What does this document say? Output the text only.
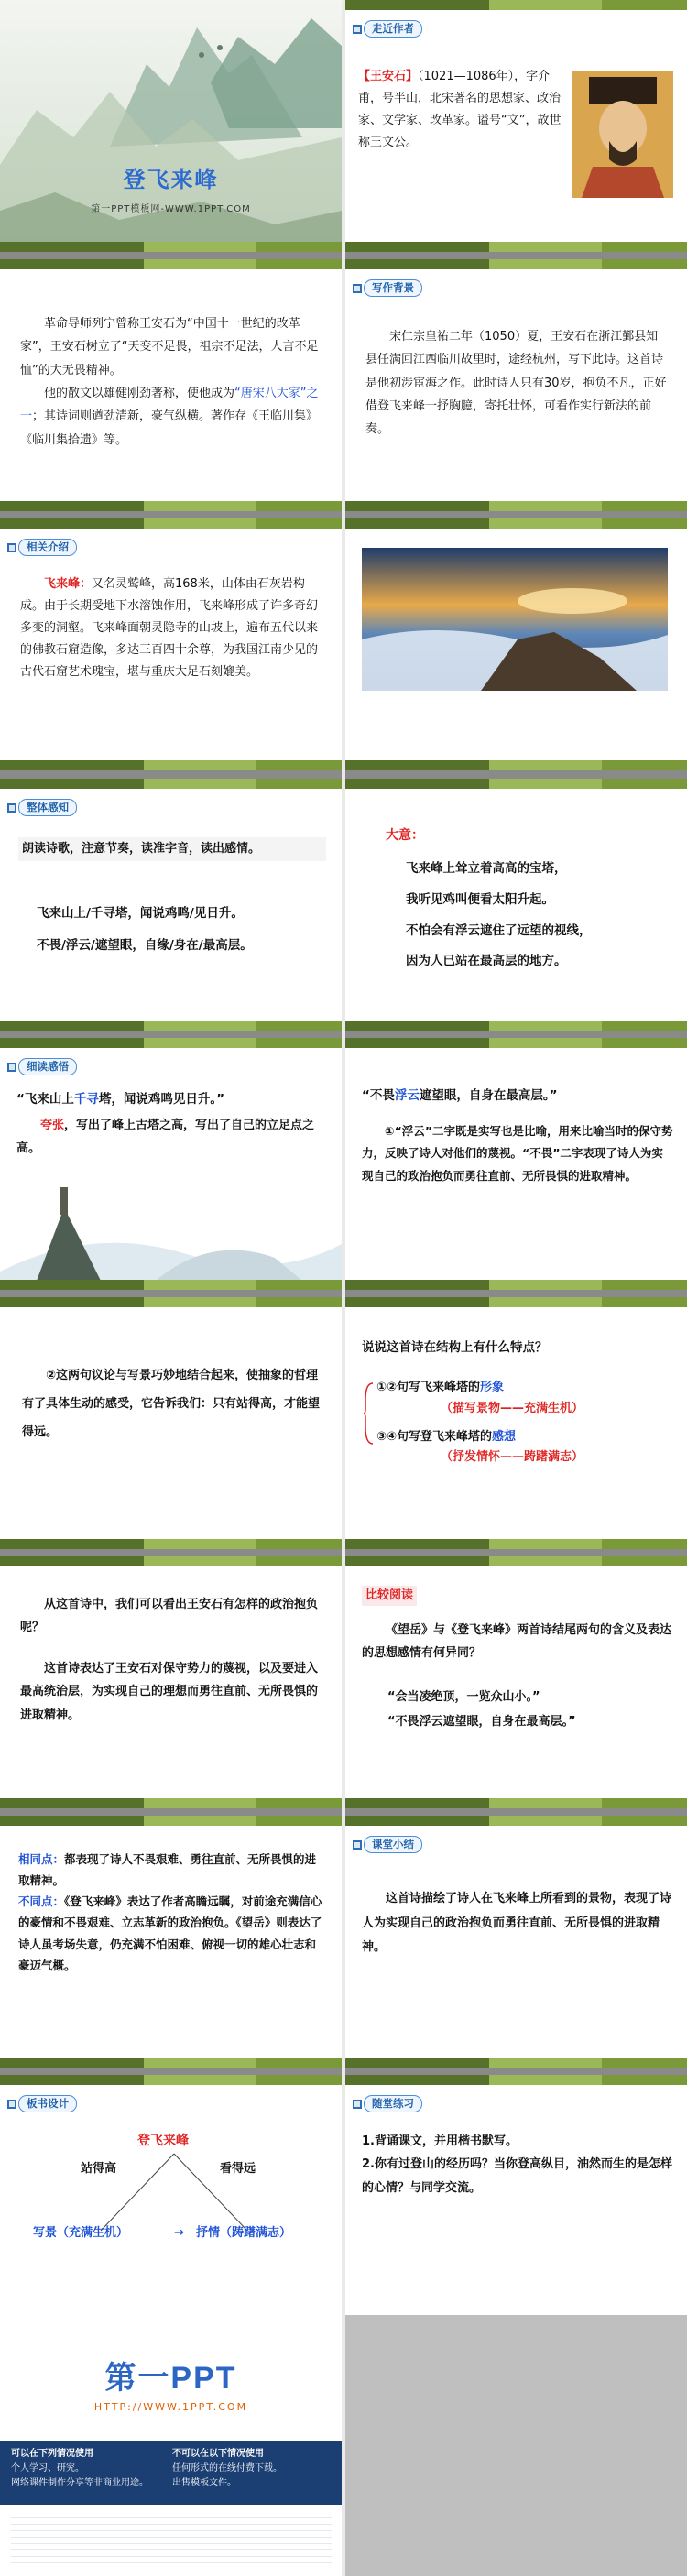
登飞来峰
第一PPT模板网-WWW.1PPT.COM
走近作者
【王安石】（1021—1086年），字介甫，号半山，北宋著名的思想家、政治家、文学家、改革家。谥号“文”，故世称王文公。

革命导师列宁曾称王安石为“中国十一世纪的改革家”，王安石树立了“天变不足畏，祖宗不足法，人言不足恤”的大无畏精神。

他的散文以雄健刚劲著称，使他成为“唐宋八大家”之一；其诗词则遒劲清新，豪气纵横。著作存《王临川集》《临川集拾遗》等。

写作背景
宋仁宗皇祐二年（1050）夏，王安石在浙江鄞县知县任满回江西临川故里时，途经杭州，写下此诗。这首诗是他初涉宦海之作。此时诗人只有30岁，抱负不凡，正好借登飞来峰一抒胸臆，寄托壮怀，可看作实行新法的前奏。
相关介绍
飞来峰：又名灵鹫峰，高168米，山体由石灰岩构成。由于长期受地下水溶蚀作用，飞来峰形成了许多奇幻多变的洞壑。飞来峰面朝灵隐寺的山坡上，遍布五代以来的佛教石窟造像，多达三百四十余尊，为我国江南少见的古代石窟艺术瑰宝，堪与重庆大足石刻媲美。
整体感知
朗读诗歌，注意节奏，读准字音，读出感情。
飞来山上/千寻塔，闻说鸡鸣/见日升。
不畏/浮云/遮望眼，自缘/身在/最高层。
大意：
飞来峰上耸立着高高的宝塔，
我听见鸡叫便看太阳升起。
不怕会有浮云遮住了远望的视线，
因为人已站在最高层的地方。
细读感悟
“飞来山上千寻塔，闻说鸡鸣见日升。”
夸张，写出了峰上古塔之高，写出了自己的立足点之高。
“不畏浮云遮望眼，自身在最高层。”
①“浮云”二字既是实写也是比喻，用来比喻当时的保守势力，反映了诗人对他们的蔑视。“不畏”二字表现了诗人为实现自己的政治抱负而勇往直前、无所畏惧的进取精神。
②这两句议论与写景巧妙地结合起来，使抽象的哲理有了具体生动的感受，它告诉我们：只有站得高，才能望得远。
说说这首诗在结构上有什么特点？
①②句写飞来峰塔的形象
（描写景物——充满生机）
③④句写登飞来峰塔的感想
（抒发情怀——踌躇满志）
从这首诗中，我们可以看出王安石有怎样的政治抱负呢？
这首诗表达了王安石对保守势力的蔑视，以及要进入最高统治层，为实现自己的理想而勇往直前、无所畏惧的进取精神。
比较阅读
《望岳》与《登飞来峰》两首诗结尾两句的含义及表达的思想感情有何异同？
“会当凌绝顶，一览众山小。”
“不畏浮云遮望眼，自身在最高层。”

相同点：都表现了诗人不畏艰难、勇往直前、无所畏惧的进取精神。

不同点：《登飞来峰》表达了作者高瞻远瞩，对前途充满信心的豪情和不畏艰难、立志革新的政治抱负。《望岳》则表达了诗人虽考场失意，仍充满不怕困难、俯视一切的雄心壮志和豪迈气概。

课堂小结
这首诗描绘了诗人在飞来峰上所看到的景物，表现了诗人为实现自己的政治抱负而勇往直前、无所畏惧的进取精神。
板书设计
登飞来峰
站得高	看得远
写景（充满生机）	→ 抒情（踌躇满志）
随堂练习

1.背诵课文，并用楷书默写。

2.你有过登山的经历吗？当你登高纵目，油然而生的是怎样的心情？与同学交流。

第一PPT
HTTP://WWW.1PPT.COM
可以在下列情况使用
个人学习、研究。
网络课件制作分享等非商业用途。
不可以在以下情况使用
任何形式的在线付费下载。
出售模板文件。
